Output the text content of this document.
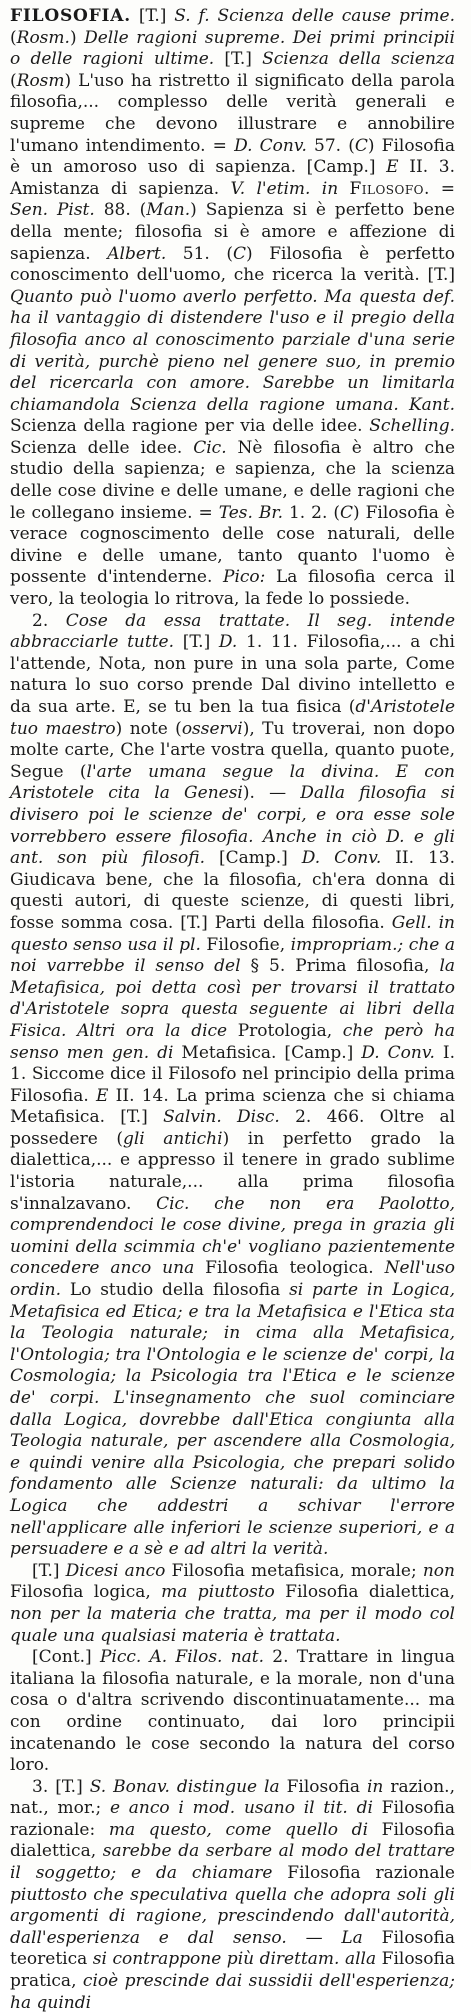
FILOSOFIA. [T.] S. f. Scienza delle cause prime. (Rosm.) Delle ragioni supreme. Dei primi principii o delle ragioni ultime. [T.] Scienza della scienza (Rosm) L'uso ha ristretto il significato della parola filosofia,... complesso delle verità generali e supreme che devono illustrare e annobilire l'umano intendimento. = D. Conv. 57. (C) Filosofia è un amoroso uso di sapienza. [Camp.] E II. 3. Amistanza di sapienza. V. l'etim. in Filosofo. = Sen. Pist. 88. (Man.) Sapienza si è perfetto bene della mente; filosofia si è amore e affezione di sapienza. Albert. 51. (C) Filosofia è perfetto conoscimento dell'uomo, che ricerca la verità. [T.] Quanto può l'uomo averlo perfetto. Ma questa def. ha il vantaggio di distendere l'uso e il pregio della filosofia anco al conoscimento parziale d'una serie di verità, purchè pieno nel genere suo, in premio del ricercarla con amore. Sarebbe un limitarla chiamandola Scienza della ragione umana. Kant. Scienza della ragione per via delle idee. Schelling. Scienza delle idee. Cic. Nè filosofia è altro che studio della sapienza; e sapienza, che la scienza delle cose divine e delle umane, e delle ragioni che le collegano insieme. = Tes. Br. 1. 2. (C) Filosofia è verace cognoscimento delle cose naturali, delle divine e delle umane, tanto quanto l'uomo è possente d'intenderne. Pico: La filosofia cerca il vero, la teologia lo ritrova, la fede lo possiede.

2. Cose da essa trattate. Il seg. intende abbracciarle tutte. [T.] D. 1. 11. Filosofia,... a chi l'attende, Nota, non pure in una sola parte, Come natura lo suo corso prende Dal divino intelletto e da sua arte. E, se tu ben la tua fisica (d'Aristotele tuo maestro) note (osservi), Tu troverai, non dopo molte carte, Che l'arte vostra quella, quanto puote, Segue (l'arte umana segue la divina. E con Aristotele cita la Genesi). — Dalla filosofia si divisero poi le scienze de' corpi, e ora esse sole vorrebbero essere filosofia. Anche in ciò D. e gli ant. son più filosofi. [Camp.] D. Conv. II. 13. Giudicava bene, che la filosofia, ch'era donna di questi autori, di queste scienze, di questi libri, fosse somma cosa. [T.] Parti della filosofia. Gell. in questo senso usa il pl. Filosofie, impropriam.; che a noi varrebbe il senso del § 5. Prima filosofia, la Metafisica, poi detta così per trovarsi il trattato d'Aristotele sopra questa seguente ai libri della Fisica. Altri ora la dice Protologia, che però ha senso men gen. di Metafisica. [Camp.] D. Conv. I. 1. Siccome dice il Filosofo nel principio della prima Filosofia. E II. 14. La prima scienza che si chiama Metafisica. [T.] Salvin. Disc. 2. 466. Oltre al possedere (gli antichi) in perfetto grado la dialettica,... e appresso il tenere in grado sublime l'istoria naturale,... alla prima filosofia s'innalzavano. Cic. che non era Paolotto, comprendendoci le cose divine, prega in grazia gli uomini della scimmia ch'e' vogliano pazientemente concedere anco una Filosofia teologica. Nell'uso ordin. Lo studio della filosofia si parte in Logica, Metafisica ed Etica; e tra la Metafisica e l'Etica sta la Teologia naturale; in cima alla Metafisica, l'Ontologia; tra l'Ontologia e le scienze de' corpi, la Cosmologia; la Psicologia tra l'Etica e le scienze de' corpi. L'insegnamento che suol cominciare dalla Logica, dovrebbe dall'Etica congiunta alla Teologia naturale, per ascendere alla Cosmologia, e quindi venire alla Psicologia, che prepari solido fondamento alle Scienze naturali: da ultimo la Logica che addestri a schivar l'errore nell'applicare alle inferiori le scienze superiori, e a persuadere e a sè e ad altri la verità.

[T.] Dicesi anco Filosofia metafisica, morale; non Filosofia logica, ma piuttosto Filosofia dialettica, non per la materia che tratta, ma per il modo col quale una qualsiasi materia è trattata.

[Cont.] Picc. A. Filos. nat. 2. Trattare in lingua italiana la filosofia naturale, e la morale, non d'una cosa o d'altra scrivendo discontinuatamente... ma con ordine continuato, dai loro principii incatenando le cose secondo la natura del corso loro.

3. [T.] S. Bonav. distingue la Filosofia in razion., nat., mor.; e anco i mod. usano il tit. di Filosofia razionale: ma questo, come quello di Filosofia dialettica, sarebbe da serbare al modo del trattare il soggetto; e da chiamare Filosofia razionale piuttosto che speculativa quella che adopra soli gli argomenti di ragione, prescindendo dall'autorità, dall'esperienza e dal senso. — La Filosofia teoretica si contrappone più direttam. alla Filosofia pratica, cioè prescinde dai sussidii dell'esperienza; ha quindi
